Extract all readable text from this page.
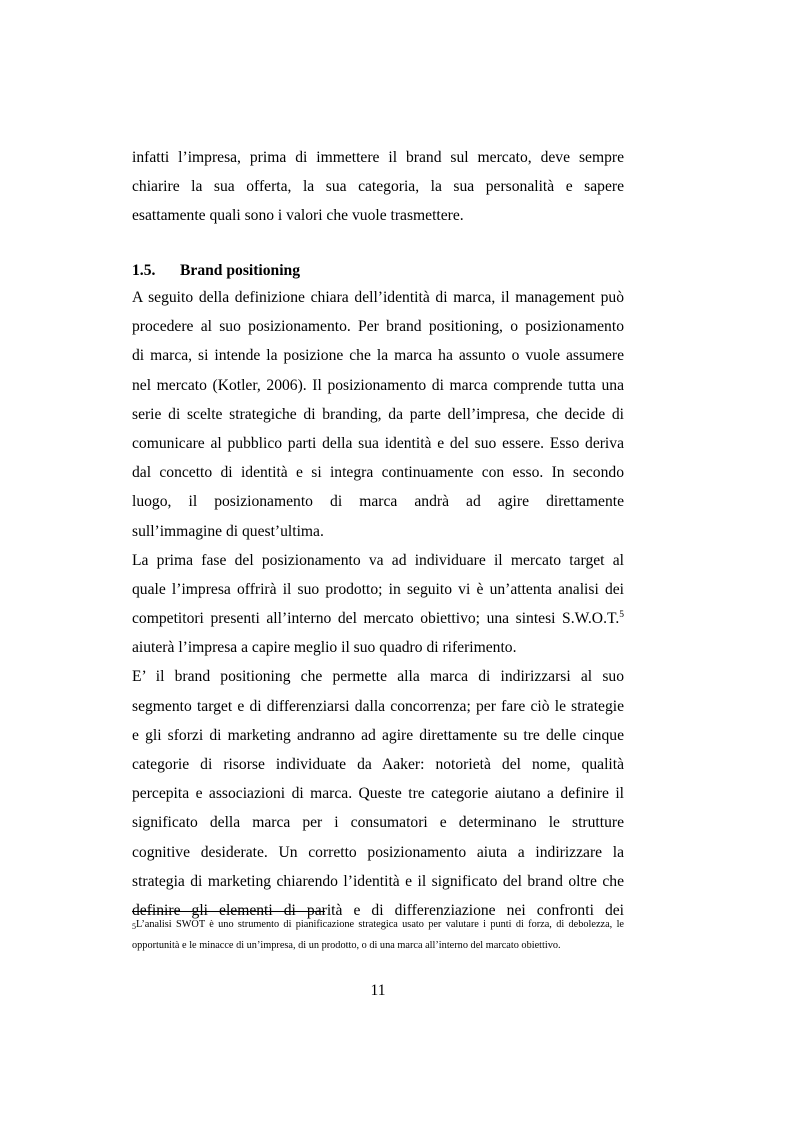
infatti l’impresa, prima di immettere il brand sul mercato, deve sempre
chiarire la sua offerta, la sua categoria, la sua personalità e sapere
esattamente quali sono i valori che vuole trasmettere.
1.5. Brand positioning
A seguito della definizione chiara dell’identità di marca, il management può
procedere al suo posizionamento. Per brand positioning, o posizionamento
di marca, si intende la posizione che la marca ha assunto o vuole assumere
nel mercato (Kotler, 2006). Il posizionamento di marca comprende tutta una
serie di scelte strategiche di branding, da parte dell’impresa, che decide di
comunicare al pubblico parti della sua identità e del suo essere. Esso deriva
dal concetto di identità e si integra continuamente con esso. In secondo
luogo, il posizionamento di marca andrà ad agire direttamente
sull’immagine di quest’ultima.
La prima fase del posizionamento va ad individuare il mercato target al
quale l’impresa offrirà il suo prodotto; in seguito vi è un’attenta analisi dei
competitori presenti all’interno del mercato obiettivo; una sintesi S.W.O.T.$^5$
aiuterà l’impresa a capire meglio il suo quadro di riferimento.
E’ il brand positioning che permette alla marca di indirizzarsi al suo
segmento target e di differenziarsi dalla concorrenza; per fare ciò le strategie
e gli sforzi di marketing andranno ad agire direttamente su tre delle cinque
categorie di risorse individuate da Aaker: notorietà del nome, qualità
percepita e associazioni di marca. Queste tre categorie aiutano a definire il
significato della marca per i consumatori e determinano le strutture
cognitive desiderate. Un corretto posizionamento aiuta a indirizzare la
strategia di marketing chiarendo l’identità e il significato del brand oltre che
definire gli elementi di parità e di differenziazione nei confronti dei
5L’analisi SWOT è uno strumento di pianificazione strategica usato per valutare i punti di forza, di debolezza, le
opportunità e le minacce di un’impresa, di un prodotto, o di una marca all’interno del marcato obiettivo.
11
